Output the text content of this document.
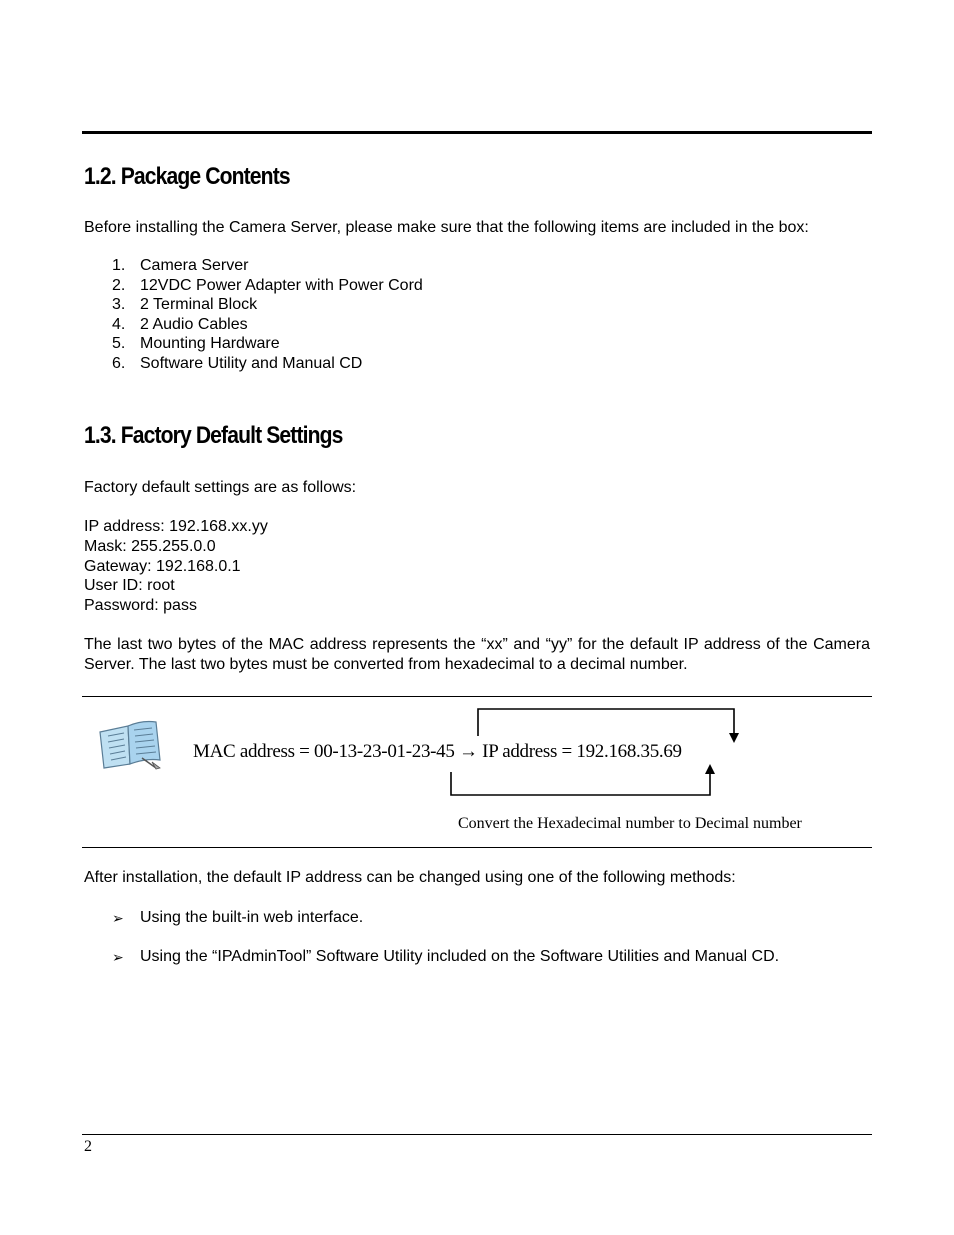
1.2. Package Contents
Before installing the Camera Server, please make sure that the following items are included in the box:
1. Camera Server
2. 12VDC Power Adapter with Power Cord
3. 2 Terminal Block
4. 2 Audio Cables
5. Mounting Hardware
6. Software Utility and Manual CD
1.3. Factory Default Settings
Factory default settings are as follows:
IP address: 192.168.xx.yy
Mask: 255.255.0.0
Gateway: 192.168.0.1
User ID: root
Password: pass
The last two bytes of the MAC address represents the “xx” and “yy” for the default IP address of the Camera Server. The last two bytes must be converted from hexadecimal to a decimal number.
MAC address = 00-13-23-01-23-45 → IP address = 192.168.35.69
Convert the Hexadecimal number to Decimal number
After installation, the default IP address can be changed using one of the following methods:
➢ Using the built-in web interface.
➢ Using the “IPAdminTool” Software Utility included on the Software Utilities and Manual CD.
2
